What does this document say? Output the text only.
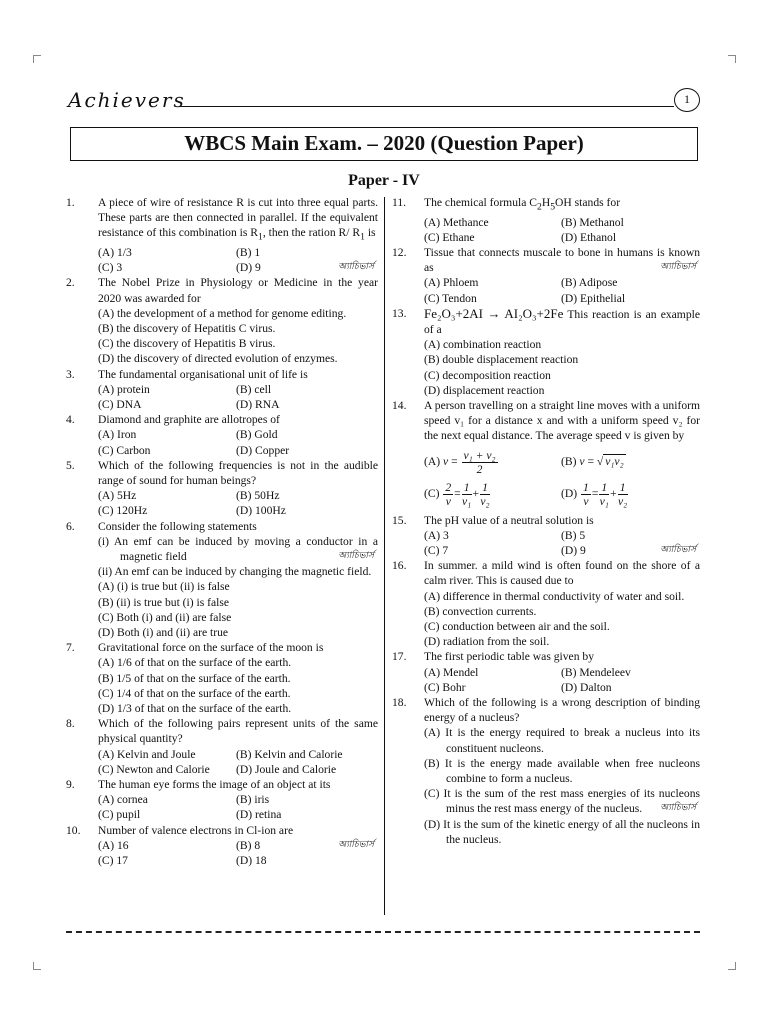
Achievers	1
WBCS Main Exam. – 2020 (Question Paper)
Paper - IV
1.	A piece of wire of resistance R is cut into three equal parts. These parts are then connected in parallel. If the equivalent resistance of this combination is $R_1$, then the ration R/ $R_1$ is
(A) 1/3	(B) 1
(C) 3	(D) 9	অ্যাচিভার্স
2.	The Nobel Prize in Physiology or Medicine in the year 2020 was awarded for
(A) the development of a method for genome editing.
(B) the discovery of Hepatitis C virus.
(C) the discovery of Hepatitis B virus.
(D) the discovery of directed evolution of enzymes.
3.	The fundamental organisational unit of life is
(A) protein	(B) cell
(C) DNA	(D) RNA
4.	Diamond and graphite are allotropes of
(A) Iron	(B) Gold
(C) Carbon	(D) Copper
5.	Which of the following frequencies is not in the audible range of sound for human beings?
(A) 5Hz	(B) 50Hz
(C) 120Hz	(D) 100Hz
6.	Consider the following statements
(i) An emf can be induced by moving a conductor in a magnetic field	অ্যাচিভার্স
(ii) An emf can be induced by changing the magnetic field.
(A) (i) is true but (ii) is false
(B) (ii) is true but (i) is false
(C) Both (i) and (ii) are false
(D) Both (i) and (ii) are true
7.	Gravitational force on the surface of the moon is
(A) 1/6 of that on the surface of the earth.
(B) 1/5 of that on the surface of the earth.
(C) 1/4 of that on the surface of the earth.
(D) 1/3 of that on the surface of the earth.
8.	Which of the following pairs represent units of the same physical quantity?
(A) Kelvin and Joule	(B) Kelvin and Calorie
(C) Newton and Calorie	(D) Joule and Calorie
9.	The human eye forms the image of an object at its
(A) cornea	(B) iris
(C) pupil	(D) retina
10.	Number of valence electrons in Cl-ion are
(A) 16	(B) 8	অ্যাচিভার্স
(C) 17	(D) 18
11.	The chemical formula $C_2H_5OH$ stands for
(A) Methance	(B) Methanol
(C) Ethane	(D) Ethanol
12.	Tissue that connects muscale to bone in humans is known as	অ্যাচিভার্স
(A) Phloem	(B) Adipose
(C) Tendon	(D) Epithelial
13.	Fe₂O₃+2AI → AI₂O₃+2Fe This reaction is an example of a
(A) combination reaction
(B) double displacement reaction
(C) decomposition reaction
(D) displacement reaction
14.	A person travelling on a straight line moves with a uniform speed v₁ for a distance x and with a uniform speed v₂ for the next equal distance. The average speed v is given by
(A) $v = \frac{\text{v₁ + v₂}}{2}$	(B) v = √ v₁v₂
$(C) \frac{2}{v} = \frac{1}{\text{v₁}} + \frac{1}{\text{v₂}}$	$(D) \frac{1}{v} = \frac{1}{\text{v₁}} + \frac{1}{\text{v₂}}$
15.	The pH value of a neutral solution is
(A) 3	(B) 5
(C) 7	(D) 9	অ্যাচিভার্স
16.	In summer. a mild wind is often found on the shore of a calm river. This is caused due to
(A) difference in thermal conductivity of water and soil.
(B) convection currents.
(C) conduction between air and the soil.
(D) radiation from the soil.
17.	The first periodic table was given by
(A) Mendel	(B) Mendeleev
(C) Bohr	(D) Dalton
18.	Which of the following is a wrong description of binding energy of a nucleus?
(A) It is the energy required to break a nucleus into its constituent nucleons.
(B) It is the energy made available when free nucleons combine to form a nucleus.
(C) It is the sum of the rest mass energies of its nucleons minus the rest mass energy of the nucleus. অ্যাচিভার্স
(D) It is the sum of the kinetic energy of all the nucleons in the nucleus.
